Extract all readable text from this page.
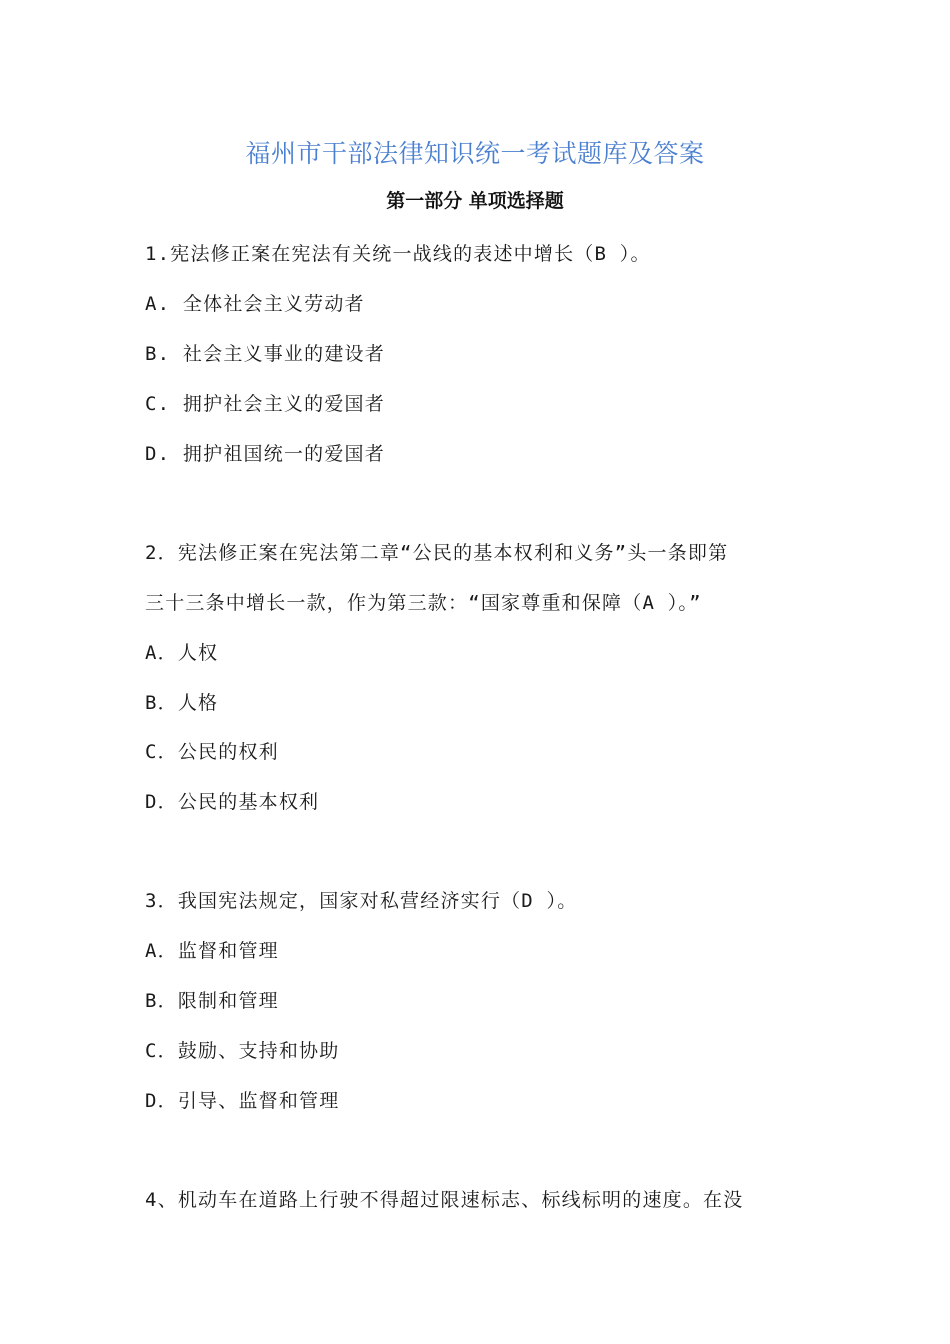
福州市干部法律知识统一考试题库及答案
第一部分 单项选择题
1.宪法修正案在宪法有关统一战线的表述中增长（B ）。
A. 全体社会主义劳动者
B. 社会主义事业的建设者
C. 拥护社会主义的爱国者
D. 拥护祖国统一的爱国者
2．宪法修正案在宪法第二章“公民的基本权利和义务”头一条即第
三十三条中增长一款，作为第三款：“国家尊重和保障（A ）。”
A．人权
B．人格
C．公民的权利
D．公民的基本权利
3．我国宪法规定，国家对私营经济实行（D ）。
A．监督和管理
B．限制和管理
C．鼓励、支持和协助
D．引导、监督和管理
4、机动车在道路上行驶不得超过限速标志、标线标明的速度。在没
